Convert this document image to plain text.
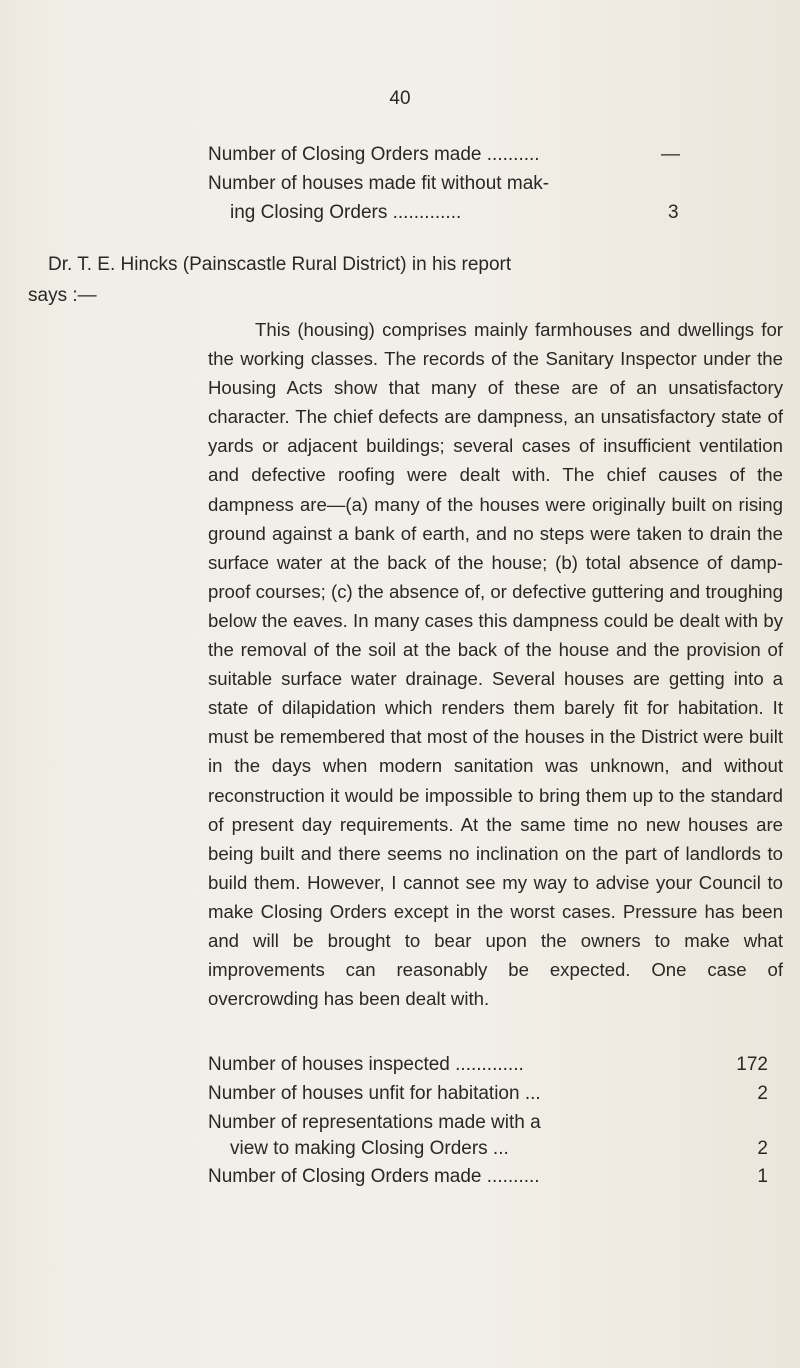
40
Number of Closing Orders made ..........	—
Number of houses made fit without mak-
ing Closing Orders .............	3
Dr. T. E. Hincks (Painscastle Rural District) in his report
says :—

This (housing) comprises mainly farmhouses and dwellings for the working classes. The records of the Sanitary Inspector under the Housing Acts show that many of these are of an unsatisfactory character. The chief defects are dampness, an unsatisfactory state of yards or adjacent buildings; several cases of insufficient ventilation and defective roofing were dealt with. The chief causes of the dampness are—(a) many of the houses were originally built on rising ground against a bank of earth, and no steps were taken to drain the surface water at the back of the house; (b) total absence of damp-proof courses; (c) the absence of, or defective guttering and troughing below the eaves. In many cases this dampness could be dealt with by the removal of the soil at the back of the house and the provision of suitable surface water drainage. Several houses are getting into a state of dilapidation which renders them barely fit for habitation. It must be remembered that most of the houses in the District were built in the days when modern sanitation was unknown, and without reconstruction it would be impossible to bring them up to the standard of present day requirements. At the same time no new houses are being built and there seems no inclination on the part of landlords to build them. However, I cannot see my way to advise your Council to make Closing Orders except in the worst cases. Pressure has been and will be brought to bear upon the owners to make what improvements can reasonably be expected. One case of overcrowding has been dealt with.

Number of houses inspected .............	172
Number of houses unfit for habitation ...	2
Number of representations made with a
view to making Closing Orders ...	2
Number of Closing Orders made ..........	1
